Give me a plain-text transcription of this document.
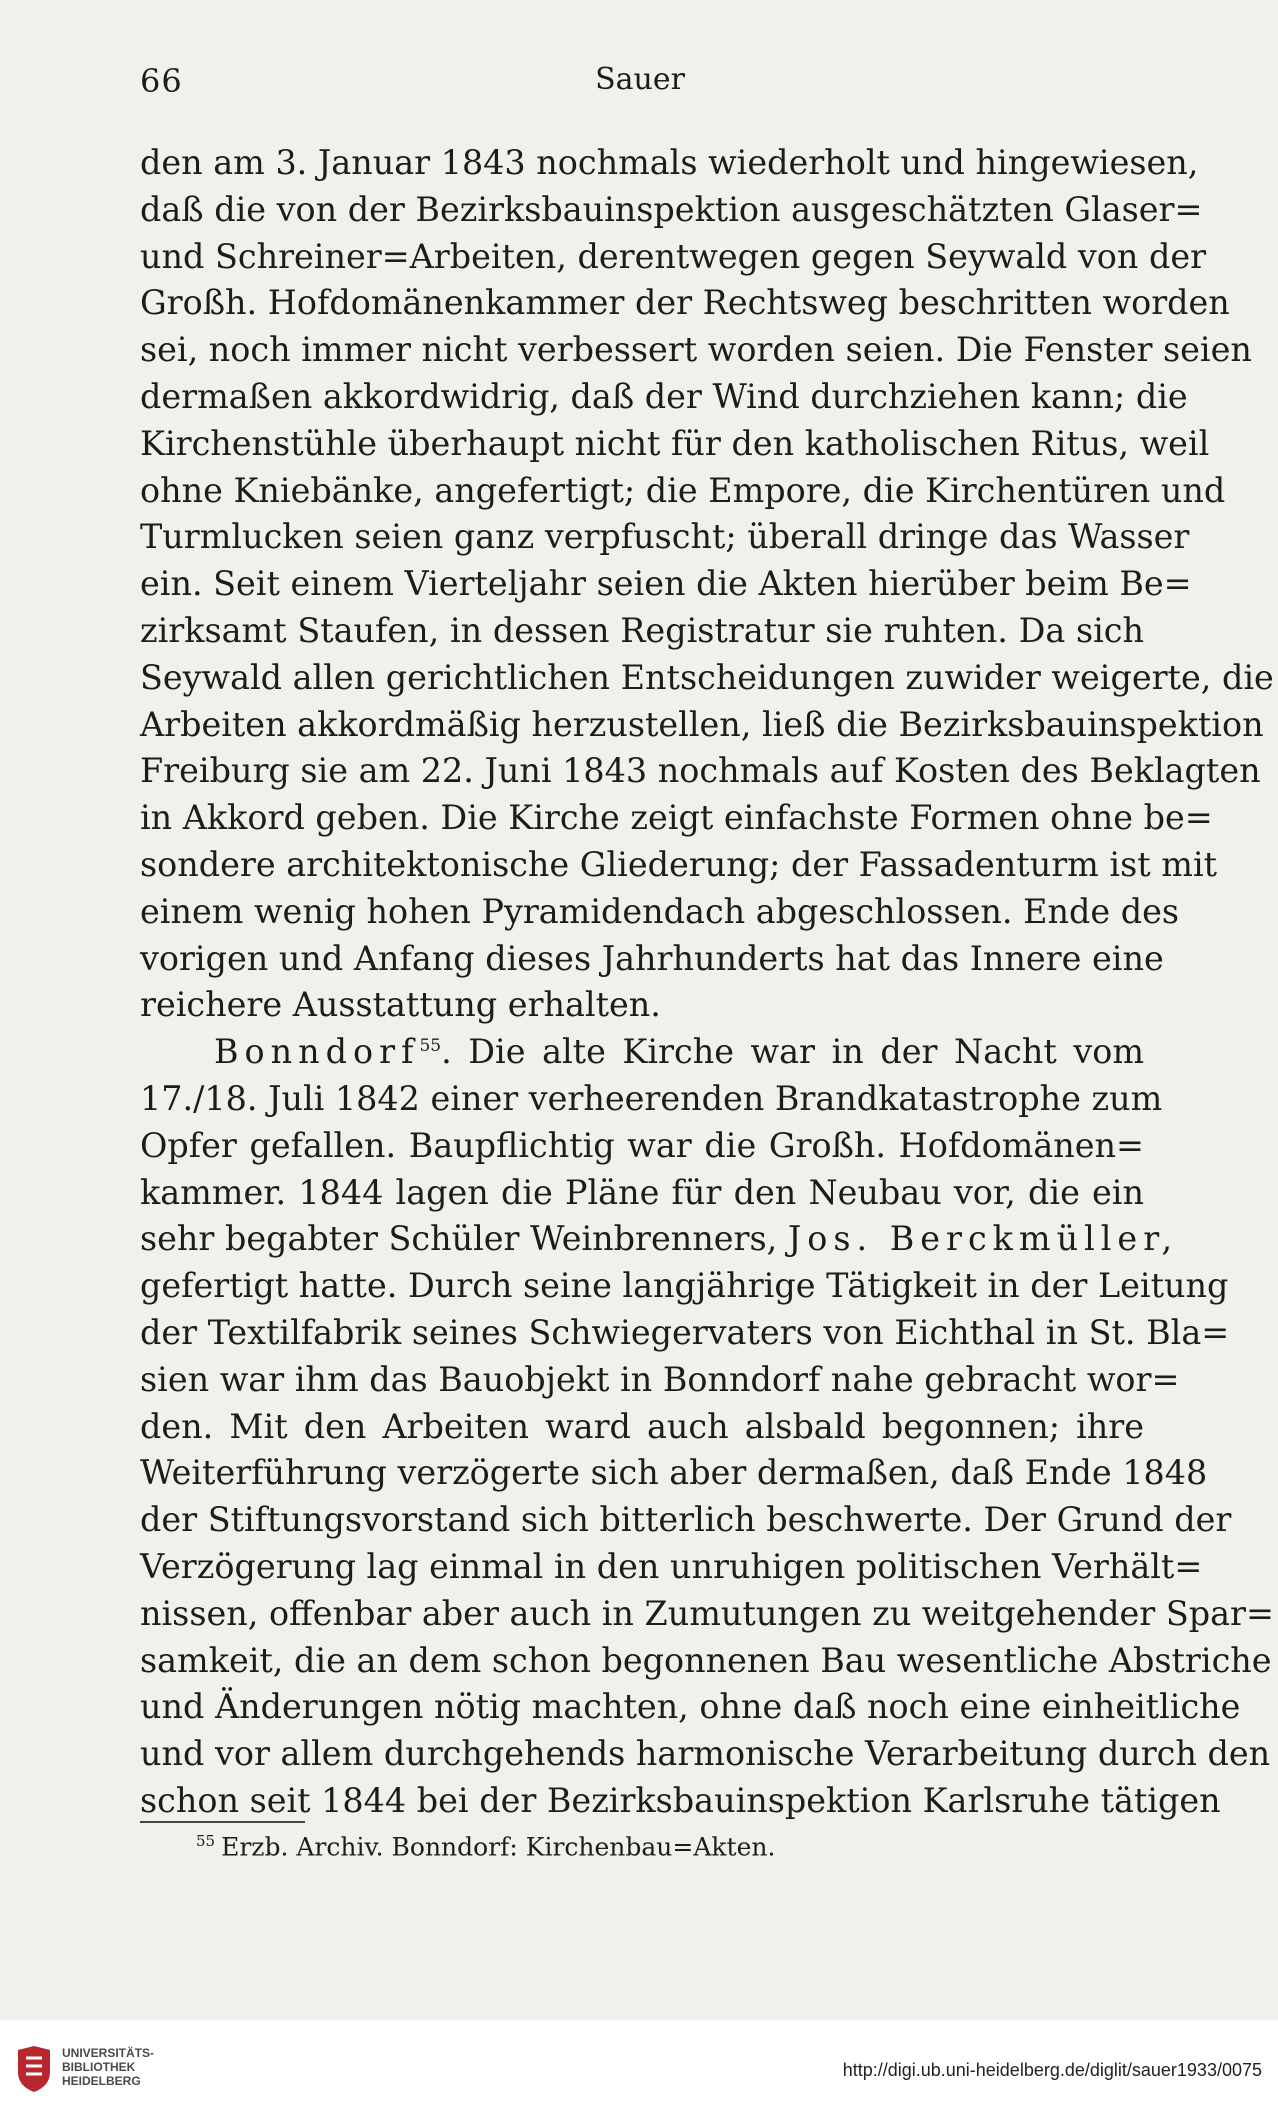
66	Sauer
den am 3. Januar 1843 nochmals wiederholt und hingewiesen,
daß die von der Bezirksbauinspektion ausgeschätzten Glaser=
und Schreiner=Arbeiten, derentwegen gegen Seywald von der
Großh. Hofdomänenkammer der Rechtsweg beschritten worden
sei, noch immer nicht verbessert worden seien. Die Fenster seien
dermaßen akkordwidrig, daß der Wind durchziehen kann; die
Kirchenstühle überhaupt nicht für den katholischen Ritus, weil
ohne Kniebänke, angefertigt; die Empore, die Kirchentüren und
Turmlucken seien ganz verpfuscht; überall dringe das Wasser
ein. Seit einem Vierteljahr seien die Akten hierüber beim Be=
zirksamt Staufen, in dessen Registratur sie ruhten. Da sich
Seywald allen gerichtlichen Entscheidungen zuwider weigerte, die
Arbeiten akkordmäßig herzustellen, ließ die Bezirksbauinspektion
Freiburg sie am 22. Juni 1843 nochmals auf Kosten des Beklagten
in Akkord geben. Die Kirche zeigt einfachste Formen ohne be=
sondere architektonische Gliederung; der Fassadenturm ist mit
einem wenig hohen Pyramidendach abgeschlossen. Ende des
vorigen und Anfang dieses Jahrhunderts hat das Innere eine
reichere Ausstattung erhalten.
Bonndorf$^{55}$. Die alte Kirche war in der Nacht vom
17./18. Juli 1842 einer verheerenden Brandkatastrophe zum
Opfer gefallen. Baupflichtig war die Großh. Hofdomänen=
kammer. 1844 lagen die Pläne für den Neubau vor, die ein
sehr begabter Schüler Weinbrenners, Jos. Berckmüller,
gefertigt hatte. Durch seine langjährige Tätigkeit in der Leitung
der Textilfabrik seines Schwiegervaters von Eichthal in St. Bla=
sien war ihm das Bauobjekt in Bonndorf nahe gebracht wor=
den. Mit den Arbeiten ward auch alsbald begonnen; ihre
Weiterführung verzögerte sich aber dermaßen, daß Ende 1848
der Stiftungsvorstand sich bitterlich beschwerte. Der Grund der
Verzögerung lag einmal in den unruhigen politischen Verhält=
nissen, offenbar aber auch in Zumutungen zu weitgehender Spar=
samkeit, die an dem schon begonnenen Bau wesentliche Abstriche
und Änderungen nötig machten, ohne daß noch eine einheitliche
und vor allem durchgehends harmonische Verarbeitung durch den
schon seit 1844 bei der Bezirksbauinspektion Karlsruhe tätigen
$^{55}$ Erzb. Archiv. Bonndorf: Kirchenbau=Akten.
UNIVERSITÄTS-
BIBLIOTHEK
HEIDELBERG
http://digi.ub.uni-heidelberg.de/diglit/sauer1933/0075
